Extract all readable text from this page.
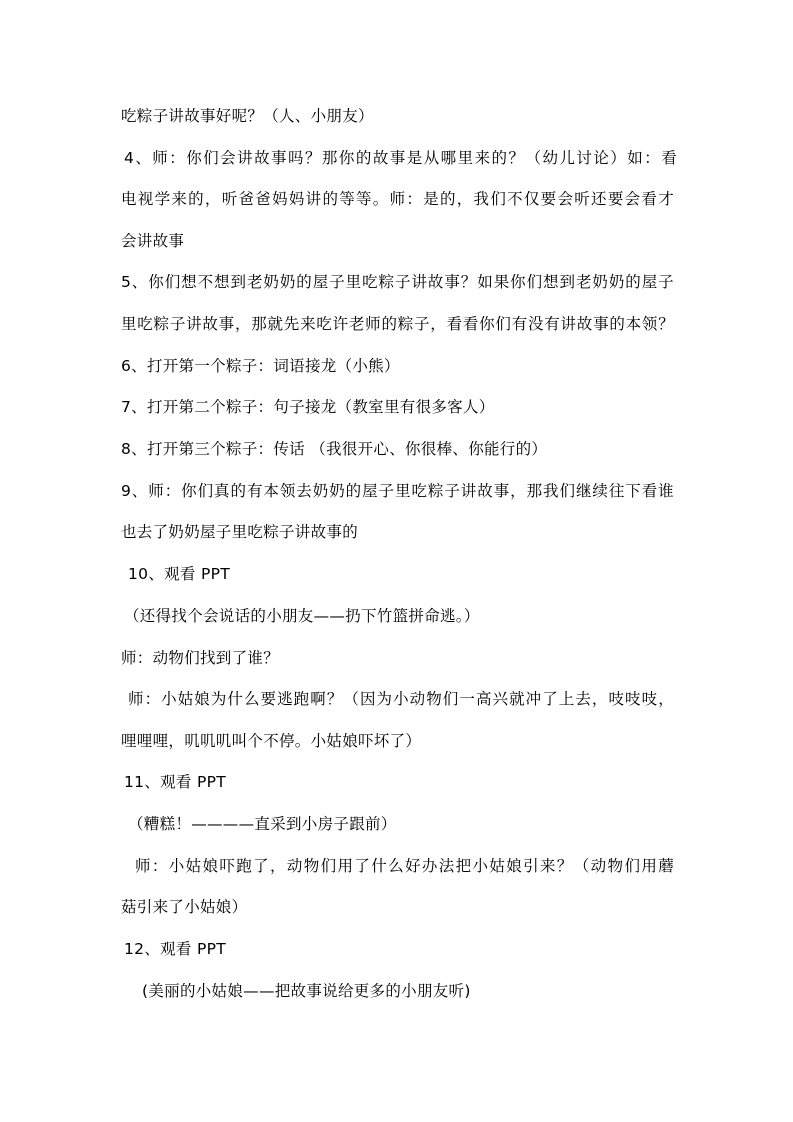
吃粽子讲故事好呢？（人、小朋友）
4、师：你们会讲故事吗？那你的故事是从哪里来的？（幼儿讨论）如：看
电视学来的，听爸爸妈妈讲的等等。师：是的，我们不仅要会听还要会看才
会讲故事
5、你们想不想到老奶奶的屋子里吃粽子讲故事？如果你们想到老奶奶的屋子
里吃粽子讲故事，那就先来吃许老师的粽子，看看你们有没有讲故事的本领？
6、打开第一个粽子：词语接龙（小熊）
7、打开第二个粽子：句子接龙（教室里有很多客人）
8、打开第三个粽子：传话 （我很开心、你很棒、你能行的）
9、师：你们真的有本领去奶奶的屋子里吃粽子讲故事，那我们继续往下看谁
也去了奶奶屋子里吃粽子讲故事的
10、观看 PPT
（还得找个会说话的小朋友——扔下竹篮拼命逃。）
师：动物们找到了谁？
师：小姑娘为什么要逃跑啊？（因为小动物们一高兴就冲了上去，吱吱吱，
哩哩哩，叽叽叽叫个不停。小姑娘吓坏了）
11、观看 PPT
（糟糕！————直采到小房子跟前）
师：小姑娘吓跑了，动物们用了什么好办法把小姑娘引来？（动物们用蘑
菇引来了小姑娘）
12、观看 PPT
(美丽的小姑娘——把故事说给更多的小朋友听)
